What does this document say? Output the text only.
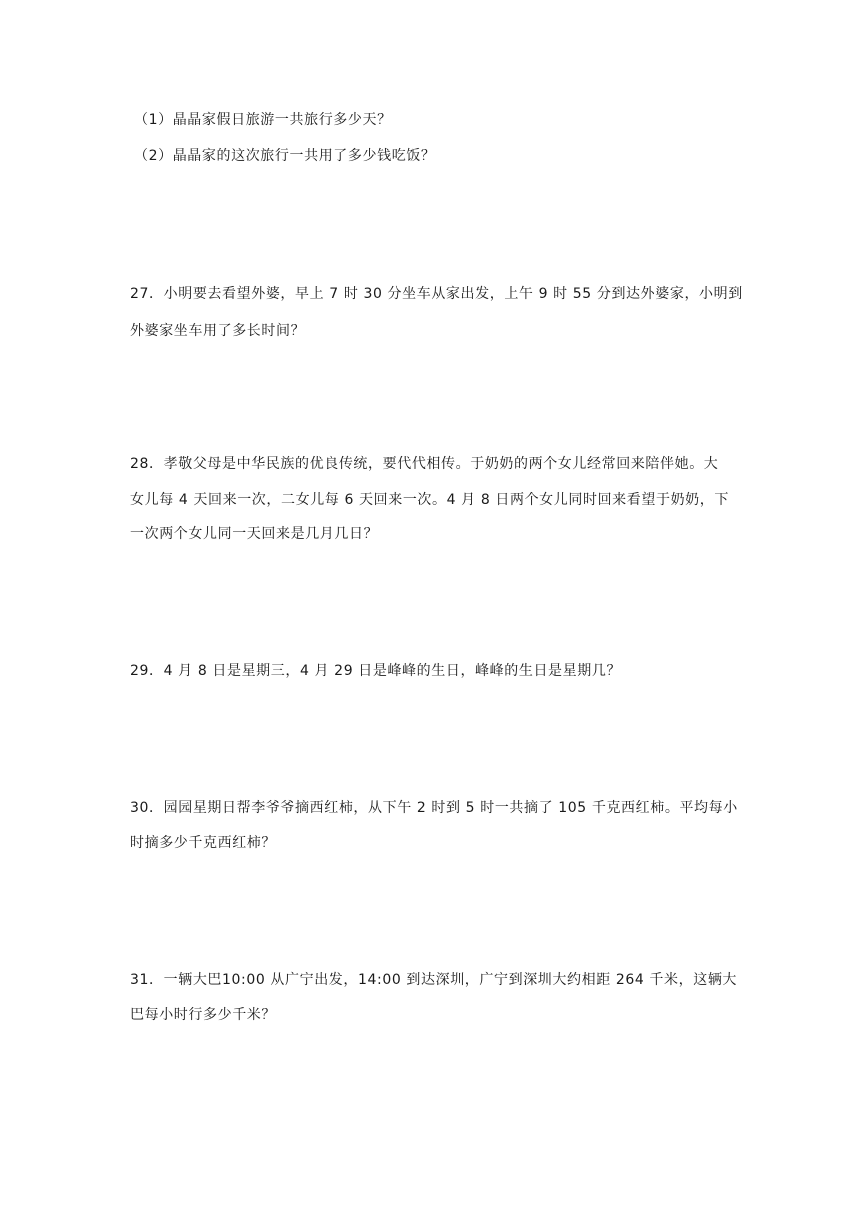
（1）晶晶家假日旅游一共旅行多少天？
（2）晶晶家的这次旅行一共用了多少钱吃饭？
27．小明要去看望外婆，早上 7 时 30 分坐车从家出发，上午 9 时 55 分到达外婆家，小明到
外婆家坐车用了多长时间？
28．孝敬父母是中华民族的优良传统，要代代相传。于奶奶的两个女儿经常回来陪伴她。大
女儿每 4 天回来一次，二女儿每 6 天回来一次。4 月 8 日两个女儿同时回来看望于奶奶，下
一次两个女儿同一天回来是几月几日？
29．4 月 8 日是星期三，4 月 29 日是峰峰的生日，峰峰的生日是星期几？
30．园园星期日帮李爷爷摘西红柿，从下午 2 时到 5 时一共摘了 105 千克西红柿。平均每小
时摘多少千克西红柿？
31．一辆大巴10:00 从广宁出发，14:00 到达深圳，广宁到深圳大约相距 264 千米，这辆大
巴每小时行多少千米？
